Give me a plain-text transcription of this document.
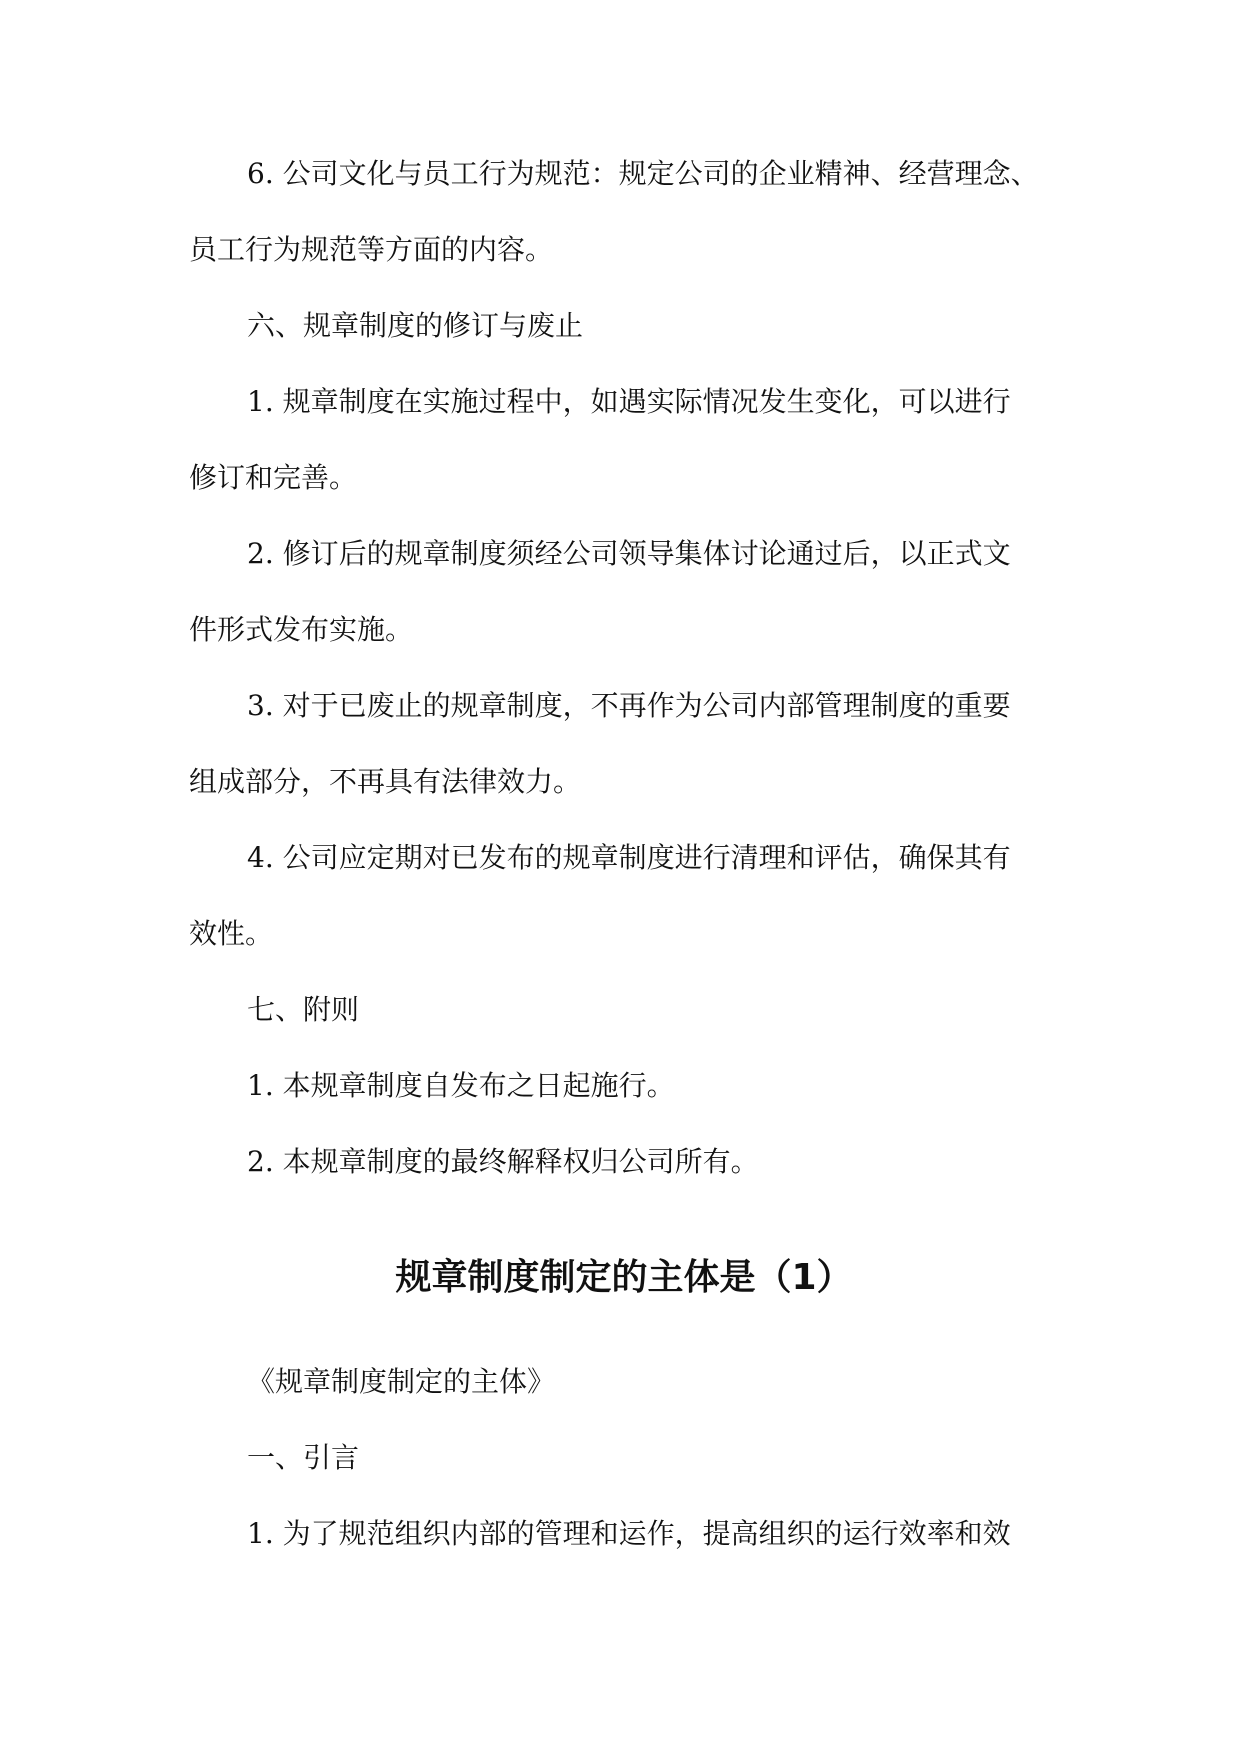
6. 公司文化与员工行为规范：规定公司的企业精神、经营理念、

员工行为规范等方面的内容。

六、规章制度的修订与废止

1. 规章制度在实施过程中，如遇实际情况发生变化，可以进行

修订和完善。

2. 修订后的规章制度须经公司领导集体讨论通过后，以正式文

件形式发布实施。

3. 对于已废止的规章制度，不再作为公司内部管理制度的重要

组成部分，不再具有法律效力。

4. 公司应定期对已发布的规章制度进行清理和评估，确保其有

效性。

七、附则

1. 本规章制度自发布之日起施行。

2. 本规章制度的最终解释权归公司所有。

规章制度制定的主体是（1）

《规章制度制定的主体》

一、引言

1. 为了规范组织内部的管理和运作，提高组织的运行效率和效
